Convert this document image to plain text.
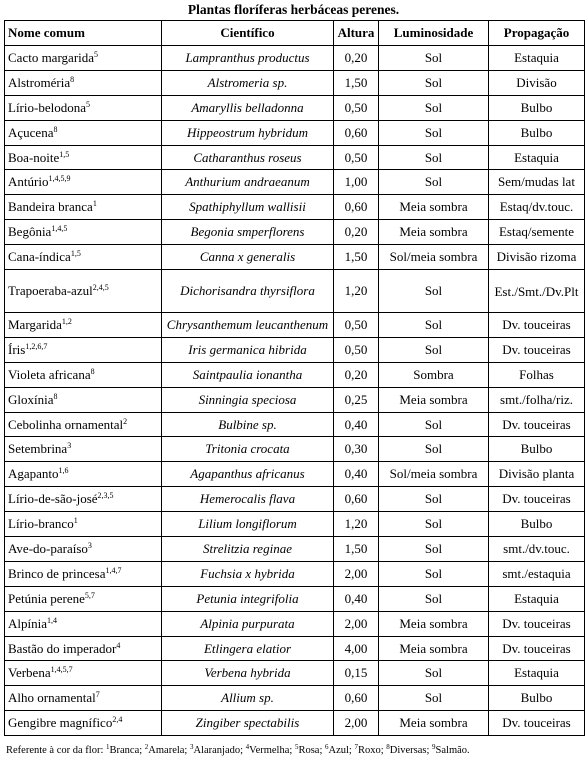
Plantas floríferas herbáceas perenes.
Nome comum	Científico	Altura	Luminosidade	Propagação
Cacto margarida$^5$	Lampranthus productus	0,20	Sol	Estaquia
Alstroméria$^8$	Alstromeria sp.	1,50	Sol	Divisão
Lírio-belodona$^5$	Amaryllis belladonna	0,50	Sol	Bulbo
Açucena$^8$	Hippeostrum hybridum	0,60	Sol	Bulbo
Boa-noite$^{1,5}$	Catharanthus roseus	0,50	Sol	Estaquia
Antúrio$^{1,4,5,9}$	Anthurium andraeanum	1,00	Sol	Sem/mudas lat
Bandeira branca$^1$	Spathiphyllum wallisii	0,60	Meia sombra	Estaq/dv.touc.
Begônia$^{1,4,5}$	Begonia smperflorens	0,20	Meia sombra	Estaq/semente
Cana-índica$^{1,5}$	Canna x generalis	1,50	Sol/meia sombra	Divisão rizoma
Trapoeraba-azul$^{2,4,5}$	Dichorisandra thyrsiflora	1,20	Sol	Est./Smt./Dv.Plt
Margarida$^{1,2}$	Chrysanthemum leucanthenum	0,50	Sol	Dv. touceiras
Íris$^{1,2,6,7}$	Iris germanica hibrida	0,50	Sol	Dv. touceiras
Violeta africana$^8$	Saintpaulia ionantha	0,20	Sombra	Folhas
Gloxínia$^8$	Sinningia speciosa	0,25	Meia sombra	smt./folha/riz.
Cebolinha ornamental$^2$	Bulbine sp.	0,40	Sol	Dv. touceiras
Setembrina$^3$	Tritonia crocata	0,30	Sol	Bulbo
Agapanto$^{1,6}$	Agapanthus africanus	0,40	Sol/meia sombra	Divisão planta
Lírio-de-são-josé$^{2,3,5}$	Hemerocalis flava	0,60	Sol	Dv. touceiras
Lírio-branco$^1$	Lilium longiflorum	1,20	Sol	Bulbo
Ave-do-paraíso$^3$	Strelitzia reginae	1,50	Sol	smt./dv.touc.
Brinco de princesa$^{1,4,7}$	Fuchsia x hybrida	2,00	Sol	smt./estaquia
Petúnia perene$^{5,7}$	Petunia integrifolia	0,40	Sol	Estaquia
Alpínia$^{1,4}$	Alpinia purpurata	2,00	Meia sombra	Dv. touceiras
Bastão do imperador$^4$	Etlingera elatior	4,00	Meia sombra	Dv. touceiras
Verbena$^{1,4,5,7}$	Verbena hybrida	0,15	Sol	Estaquia
Alho ornamental$^7$	Allium sp.	0,60	Sol	Bulbo
Gengibre magnífico$^{2,4}$	Zingiber spectabilis	2,00	Meia sombra	Dv. touceiras
Referente à cor da flor: $^1$Branca; $^2$Amarela; $^3$Alaranjado; $^4$Vermelha; $^5$Rosa; $^6$Azul; $^7$Roxo; $^8$Diversas; $^9$Salmão.
